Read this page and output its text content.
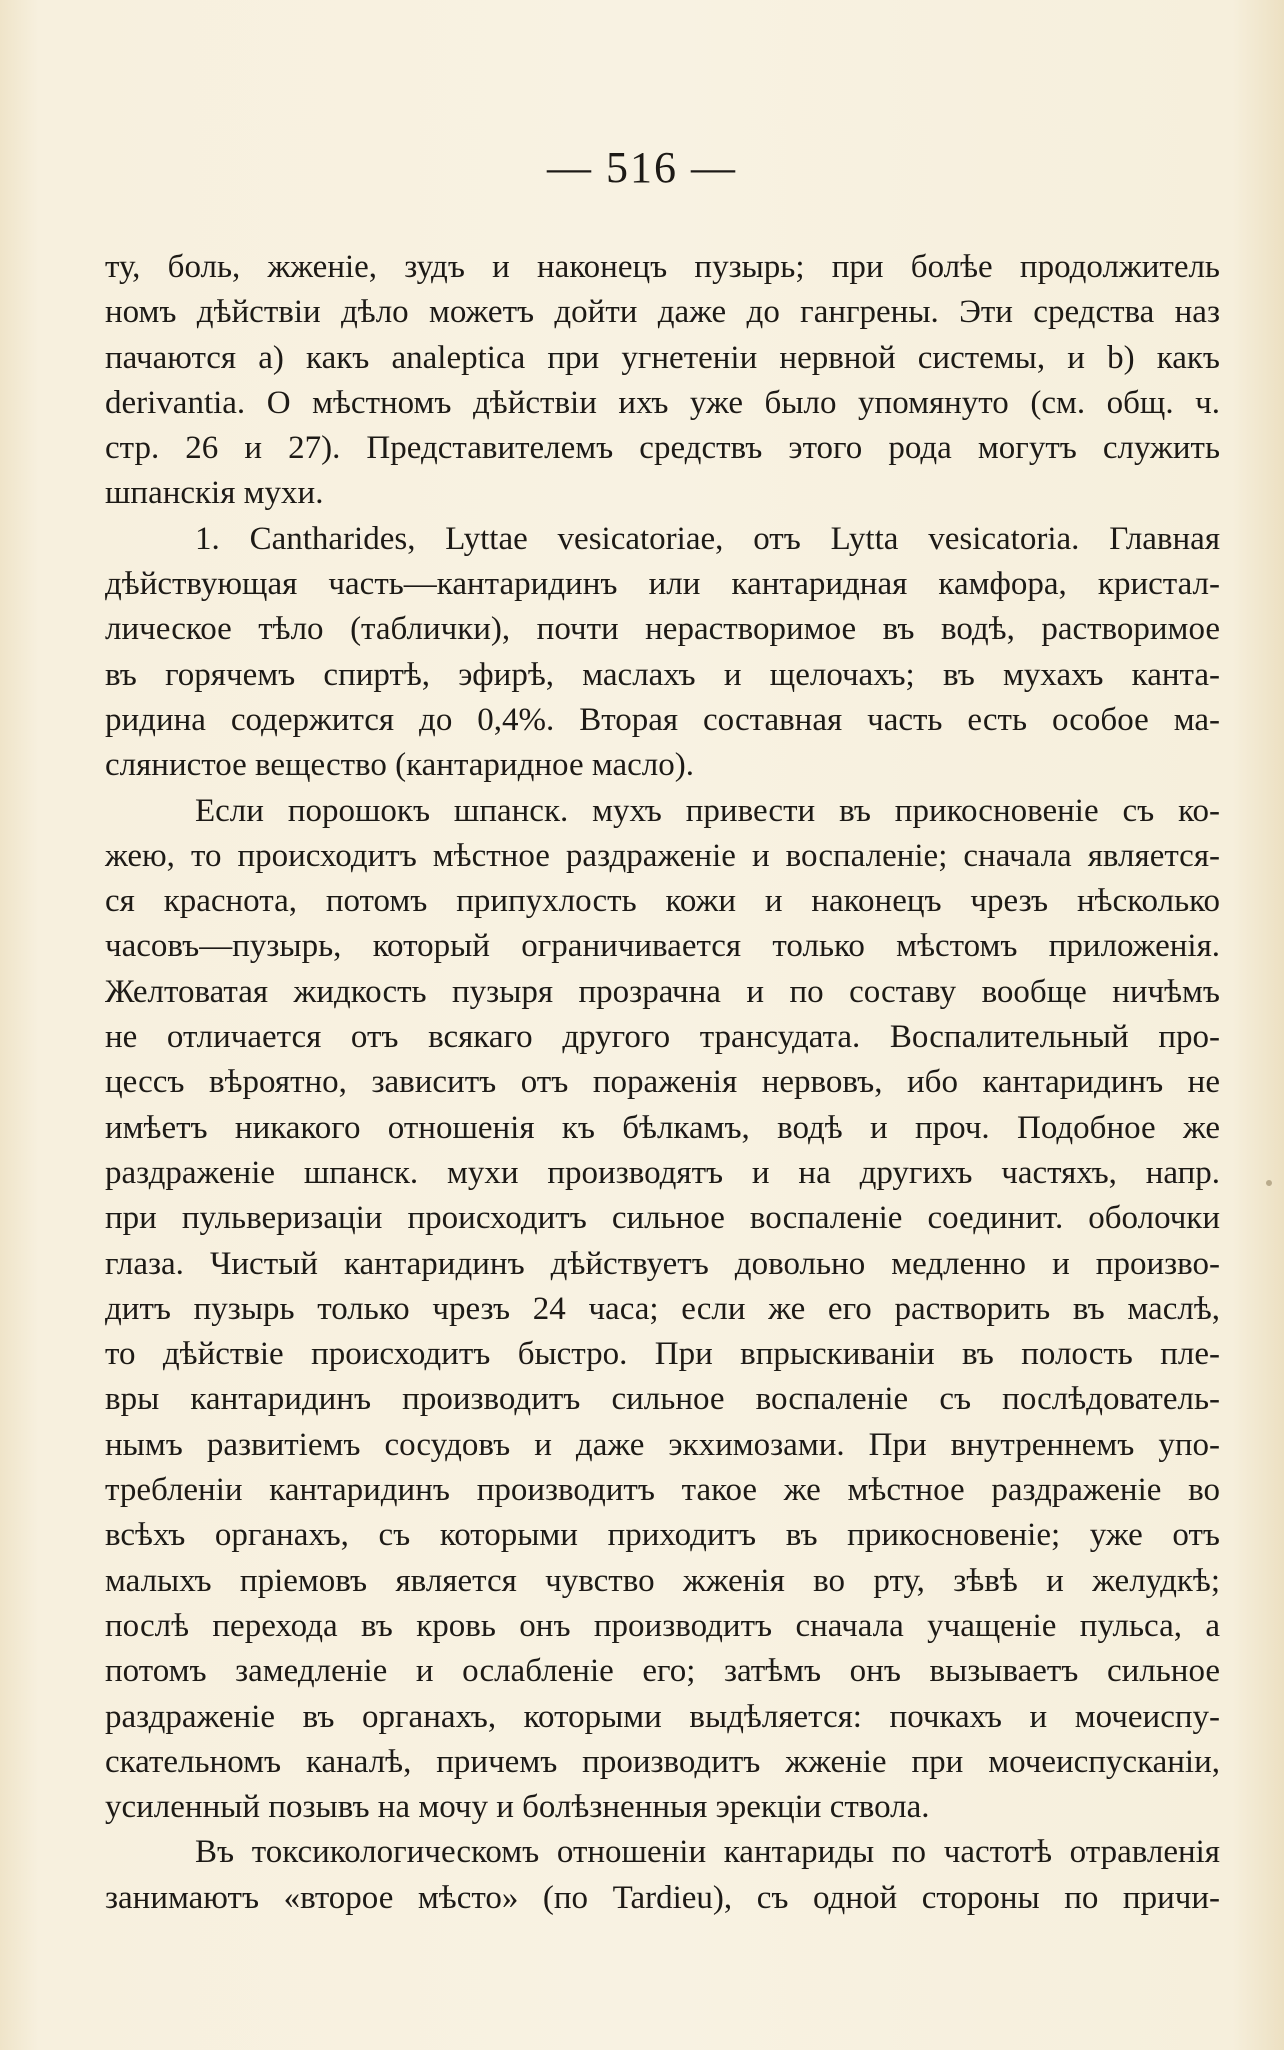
— 516 —
ту, боль, жженіе, зудъ и наконецъ пузырь; при болѣе продолжитель
номъ дѣйствіи дѣло можетъ дойти даже до гангрены. Эти средства наз
пачаются а) какъ analeptica при угнетеніи нервной системы, и b) какъ
derivantia. О мѣстномъ дѣйствіи ихъ уже было упомянуто (см. общ. ч.
стр. 26 и 27). Представителемъ средствъ этого рода могутъ служить
шпанскія мухи.
1. Cantharides, Lyttae vesicatoriae, отъ Lytta vesicatoria. Главная
дѣйствующая часть—кантаридинъ или кантаридная камфора, кристал-
лическое тѣло (таблички), почти нерастворимое въ водѣ, растворимое
въ горячемъ спиртѣ, эфирѣ, маслахъ и щелочахъ; въ мухахъ канта-
ридина содержится до 0,4%. Вторая составная часть есть особое ма-
слянистое вещество (кантаридное масло).
Если порошокъ шпанск. мухъ привести въ прикосновеніе съ ко-
жею, то происходитъ мѣстное раздраженіе и воспаленіе; сначала является-
ся краснота, потомъ припухлость кожи и наконецъ чрезъ нѣсколько
часовъ—пузырь, который ограничивается только мѣстомъ приложенія.
Желтоватая жидкость пузыря прозрачна и по составу вообще ничѣмъ
не отличается отъ всякаго другого трансудата. Воспалительный про-
цессъ вѣроятно, зависитъ отъ пораженія нервовъ, ибо кантаридинъ не
имѣетъ никакого отношенія къ бѣлкамъ, водѣ и проч. Подобное же
раздраженіе шпанск. мухи производятъ и на другихъ частяхъ, напр.
при пульверизаціи происходитъ сильное воспаленіе соединит. оболочки
глаза. Чистый кантаридинъ дѣйствуетъ довольно медленно и произво-
дитъ пузырь только чрезъ 24 часа; если же его растворить въ маслѣ,
то дѣйствіе происходитъ быстро. При впрыскиваніи въ полость пле-
вры кантаридинъ производитъ сильное воспаленіе съ послѣдователь-
нымъ развитіемъ сосудовъ и даже экхимозами. При внутреннемъ упо-
требленіи кантаридинъ производитъ такое же мѣстное раздраженіе во
всѣхъ органахъ, съ которыми приходитъ въ прикосновеніе; уже отъ
малыхъ пріемовъ является чувство жженія во рту, зѣвѣ и желудкѣ;
послѣ перехода въ кровь онъ производитъ сначала учащеніе пульса, а
потомъ замедленіе и ослабленіе его; затѣмъ онъ вызываетъ сильное
раздраженіе въ органахъ, которыми выдѣляется: почкахъ и мочеиспу-
скательномъ каналѣ, причемъ производитъ жженіе при мочеиспусканіи,
усиленный позывъ на мочу и болѣзненныя эрекціи ствола.
Въ токсикологическомъ отношеніи кантариды по частотѣ отравленія
занимаютъ «второе мѣсто» (по Tardieu), съ одной стороны по причи-
